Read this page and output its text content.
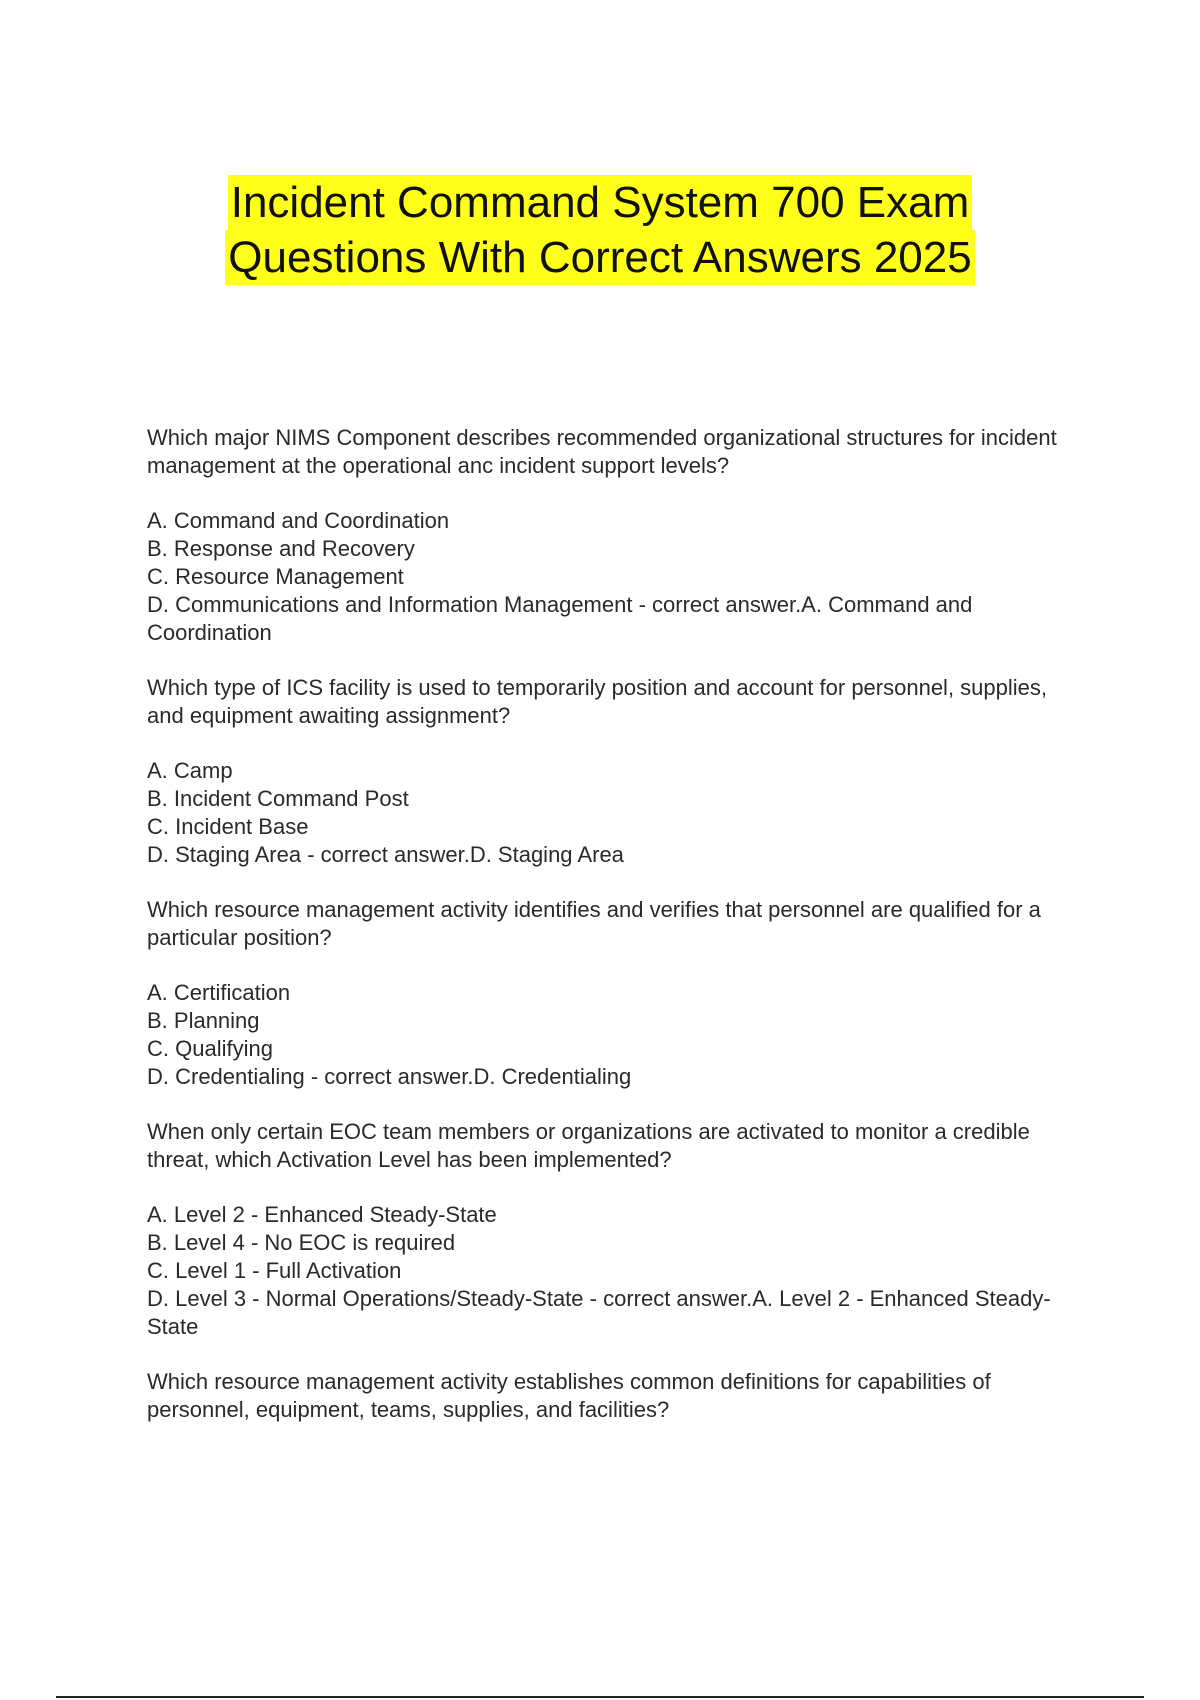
Incident Command System 700 Exam
Questions With Correct Answers 2025
Which major NIMS Component describes recommended organizational structures for incident management at the operational anc incident support levels?
A. Command and Coordination
B. Response and Recovery
C. Resource Management
D. Communications and Information Management - correct answer.A. Command and Coordination
Which type of ICS facility is used to temporarily position and account for personnel, supplies, and equipment awaiting assignment?
A. Camp
B. Incident Command Post
C. Incident Base
D. Staging Area - correct answer.D. Staging Area
Which resource management activity identifies and verifies that personnel are qualified for a particular position?
A. Certification
B. Planning
C. Qualifying
D. Credentialing - correct answer.D. Credentialing
When only certain EOC team members or organizations are activated to monitor a credible threat, which Activation Level has been implemented?
A. Level 2 - Enhanced Steady-State
B. Level 4 - No EOC is required
C. Level 1 - Full Activation
D. Level 3 - Normal Operations/Steady-State - correct answer.A. Level 2 - Enhanced Steady-State
Which resource management activity establishes common definitions for capabilities of personnel, equipment, teams, supplies, and facilities?
